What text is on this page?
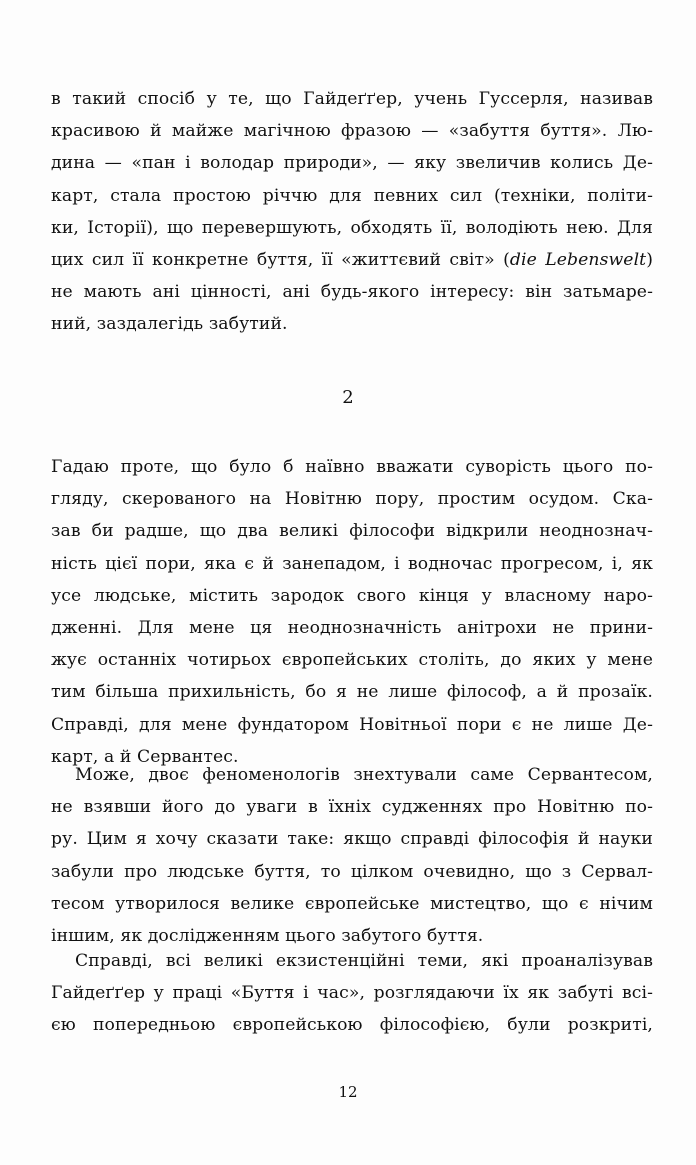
в такий спосіб у те, що Гайдеґґер, учень Гуссерля, називав
красивою й майже магічною фразою — «забуття буття». Лю-
дина — «пан і володар природи», — яку звеличив колись Де-
карт, стала простою річчю для певних сил (техніки, політи-
ки, Історії), що перевершують, обходять її, володіють нею. Для
цих сил її конкретне буття, її «життєвий світ» (die Lebenswelt)
не мають ані цінності, ані будь-якого інтересу: він затьмаре-
ний, заздалегідь забутий.
2
Гадаю проте, що було б наївно вважати суворість цього по-
гляду, скерованого на Новітню пору, простим осудом. Ска-
зав би радше, що два великі філософи відкрили неоднознач-
ність цієї пори, яка є й занепадом, і водночас прогресом, і, як
усе людське, містить зародок свого кінця у власному наро-
дженні. Для мене ця неоднозначність анітрохи не прини-
жує останніх чотирьох європейських століть, до яких у мене
тим більша прихильність, бо я не лише філософ, а й прозаїк.
Справді, для мене фундатором Новітньої пори є не лише Де-
карт, а й Сервантес.
Може, двоє феноменологів знехтували саме Сервантесом,
не взявши його до уваги в їхніх судженнях про Новітню по-
ру. Цим я хочу сказати таке: якщо справді філософія й науки
забули про людське буття, то цілком очевидно, що з Сервал-
тесом утворилося велике європейське мистецтво, що є нічим
іншим, як дослідженням цього забутого буття.
Справді, всі великі екзистенційні теми, які проаналізував
Гайдеґґер у праці «Буття і час», розглядаючи їх як забуті всі-
єю попередньою європейською філософією, були розкриті,
12
